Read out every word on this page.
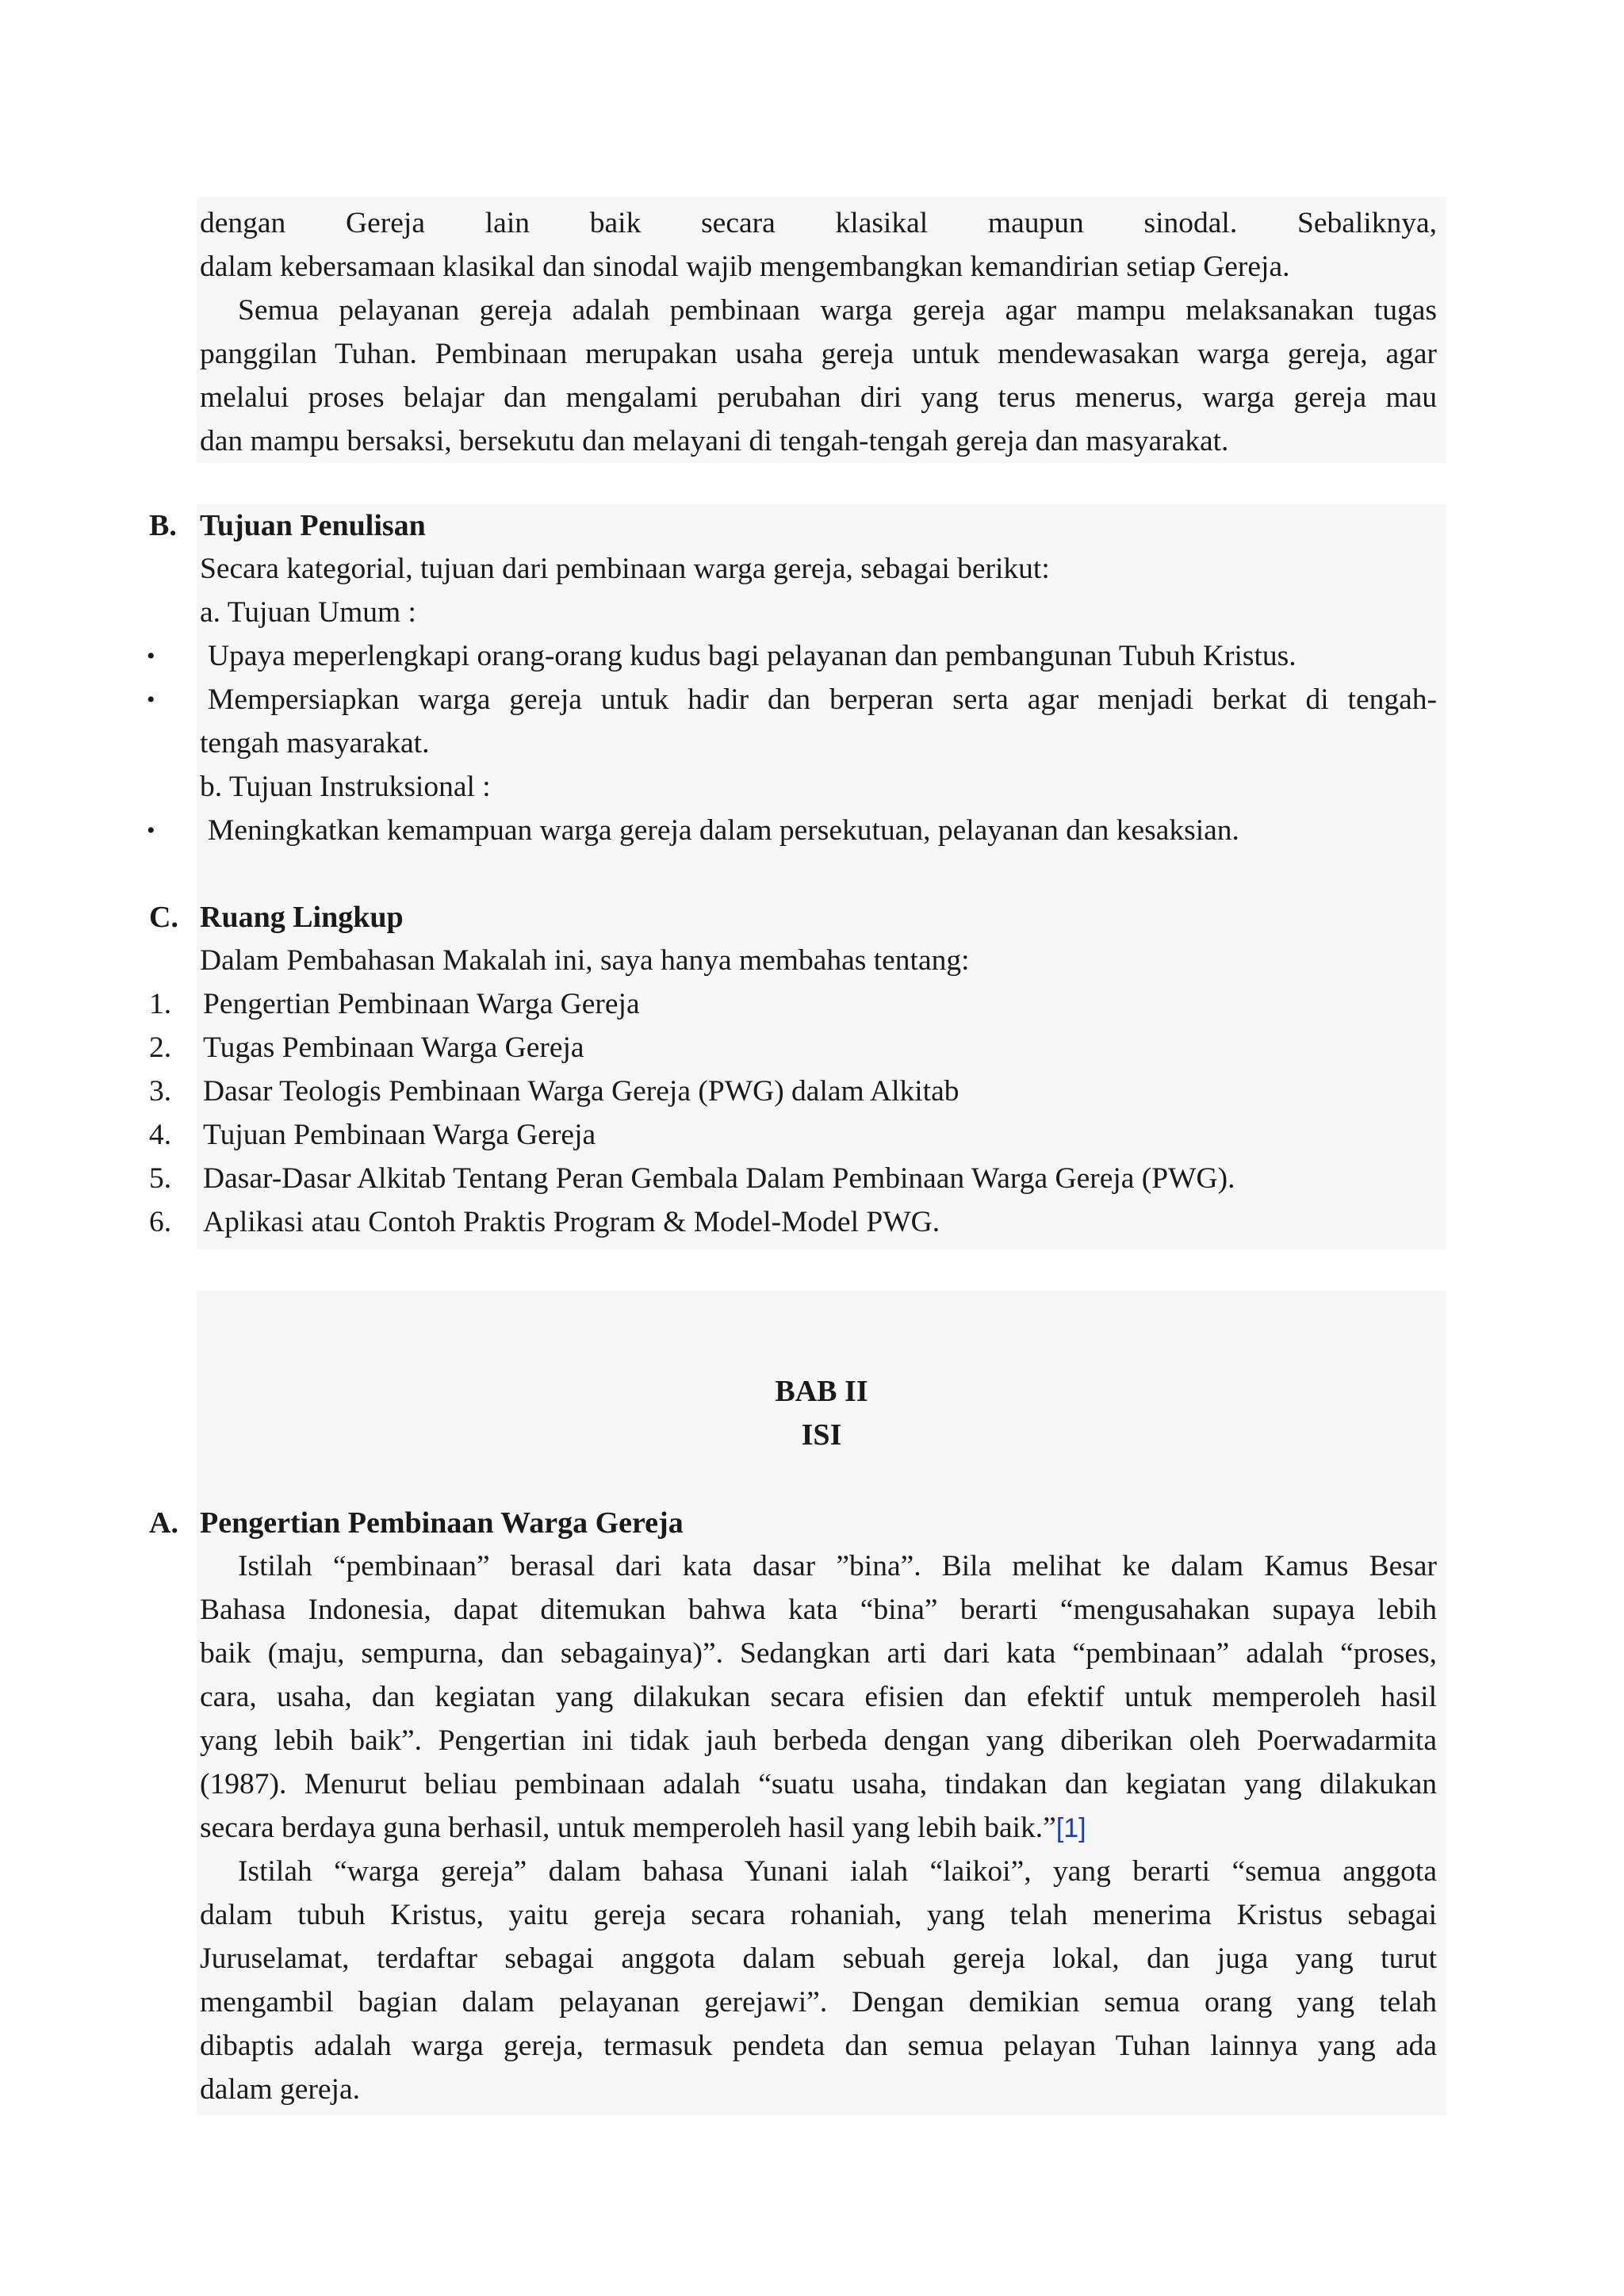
dengan Gereja lain baik secara klasikal maupun sinodal. Sebaliknya,
dalam kebersamaan klasikal dan sinodal wajib mengembangkan kemandirian setiap Gereja.
Semua pelayanan gereja adalah pembinaan warga gereja agar mampu melaksanakan tugas
panggilan Tuhan. Pembinaan merupakan usaha gereja untuk mendewasakan warga gereja, agar
melalui proses belajar dan mengalami perubahan diri yang terus menerus, warga gereja mau
dan mampu bersaksi, bersekutu dan melayani di tengah-tengah gereja dan masyarakat.
B. Tujuan Penulisan
Secara kategorial, tujuan dari pembinaan warga gereja, sebagai berikut:
a. Tujuan Umum :
• Upaya meperlengkapi orang-orang kudus bagi pelayanan dan pembangunan Tubuh Kristus.
• Mempersiapkan warga gereja untuk hadir dan berperan serta agar menjadi berkat di tengah-
tengah masyarakat.
b. Tujuan Instruksional :
• Meningkatkan kemampuan warga gereja dalam persekutuan, pelayanan dan kesaksian.
C. Ruang Lingkup
Dalam Pembahasan Makalah ini, saya hanya membahas tentang:
1. Pengertian Pembinaan Warga Gereja
2. Tugas Pembinaan Warga Gereja
3. Dasar Teologis Pembinaan Warga Gereja (PWG) dalam Alkitab
4. Tujuan Pembinaan Warga Gereja
5. Dasar-Dasar Alkitab Tentang Peran Gembala Dalam Pembinaan Warga Gereja (PWG).
6. Aplikasi atau Contoh Praktis Program & Model-Model PWG.
BAB II
ISI
A. Pengertian Pembinaan Warga Gereja
Istilah “pembinaan” berasal dari kata dasar ”bina”. Bila melihat ke dalam Kamus Besar
Bahasa Indonesia, dapat ditemukan bahwa kata “bina” berarti “mengusahakan supaya lebih
baik (maju, sempurna, dan sebagainya)”. Sedangkan arti dari kata “pembinaan” adalah “proses,
cara, usaha, dan kegiatan yang dilakukan secara efisien dan efektif untuk memperoleh hasil
yang lebih baik”. Pengertian ini tidak jauh berbeda dengan yang diberikan oleh Poerwadarmita
(1987). Menurut beliau pembinaan adalah “suatu usaha, tindakan dan kegiatan yang dilakukan
secara berdaya guna berhasil, untuk memperoleh hasil yang lebih baik.”[1]
Istilah “warga gereja” dalam bahasa Yunani ialah “laikoi”, yang berarti “semua anggota
dalam tubuh Kristus, yaitu gereja secara rohaniah, yang telah menerima Kristus sebagai
Juruselamat, terdaftar sebagai anggota dalam sebuah gereja lokal, dan juga yang turut
mengambil bagian dalam pelayanan gerejawi”. Dengan demikian semua orang yang telah
dibaptis adalah warga gereja, termasuk pendeta dan semua pelayan Tuhan lainnya yang ada
dalam gereja.
